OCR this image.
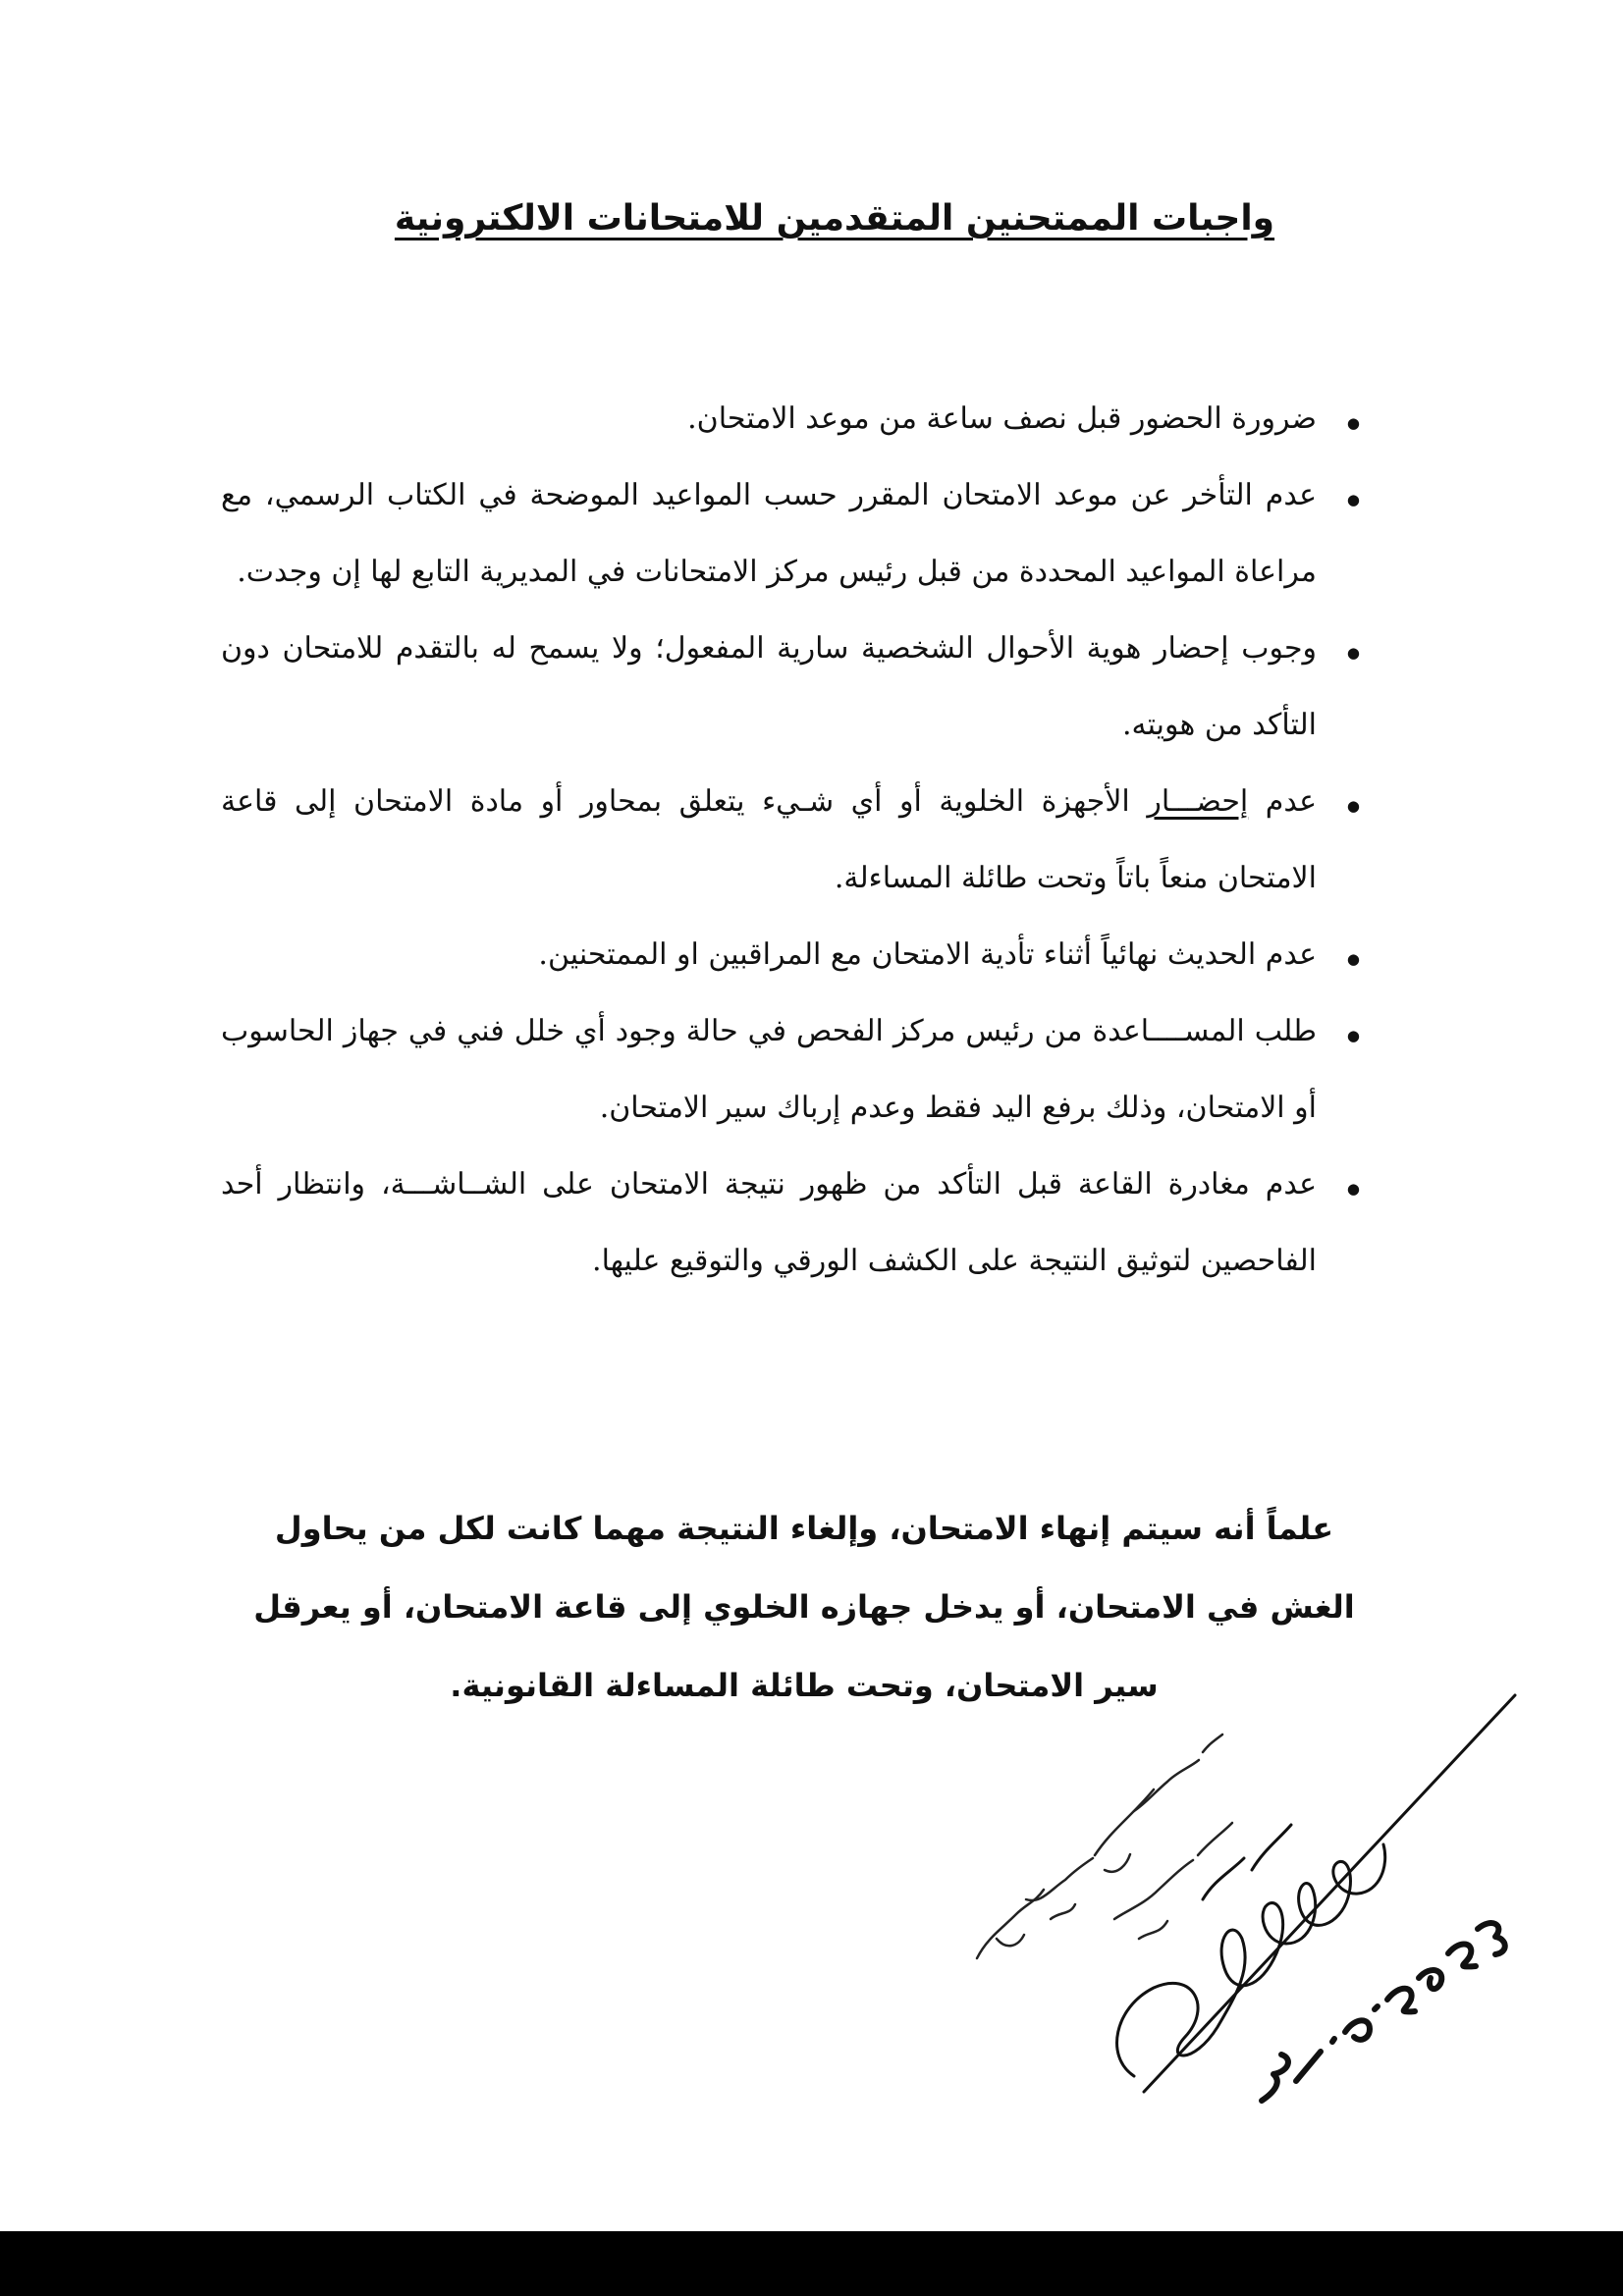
واجبات الممتحنين المتقدمين للامتحانات الالكترونية
● ضرورة الحضور قبل نصف ساعة من موعد الامتحان.
● عدم التأخر عن موعد الامتحان المقرر حسب المواعيد الموضحة في الكتاب الرسمي، مع مراعاة المواعيد المحددة من قبل رئيس مركز الامتحانات في المديرية التابع لها إن وجدت.
● وجوب إحضار هوية الأحوال الشخصية سارية المفعول؛ ولا يسمح له بالتقدم للامتحان دون التأكد من هويته.
● عدم إحضـــار الأجهزة الخلوية أو أي شـيء يتعلق بمحاور أو مادة الامتحان إلى قاعة الامتحان منعاً باتاً وتحت طائلة المساءلة.
● عدم الحديث نهائياً أثناء تأدية الامتحان مع المراقبين او الممتحنين.
● طلب المســــاعدة من رئيس مركز الفحص في حالة وجود أي خلل فني في جهاز الحاسوب أو الامتحان، وذلك برفع اليد فقط وعدم إرباك سير الامتحان.
● عدم مغادرة القاعة قبل التأكد من ظهور نتيجة الامتحان على الشــاشـــة، وانتظار أحد الفاحصين لتوثيق النتيجة على الكشف الورقي والتوقيع عليها.
علماً أنه سيتم إنهاء الامتحان، وإلغاء النتيجة مهما كانت لكل من يحاول الغش في الامتحان، أو يدخل جهازه الخلوي إلى قاعة الامتحان، أو يعرقل سير الامتحان، وتحت طائلة المساءلة القانونية.
